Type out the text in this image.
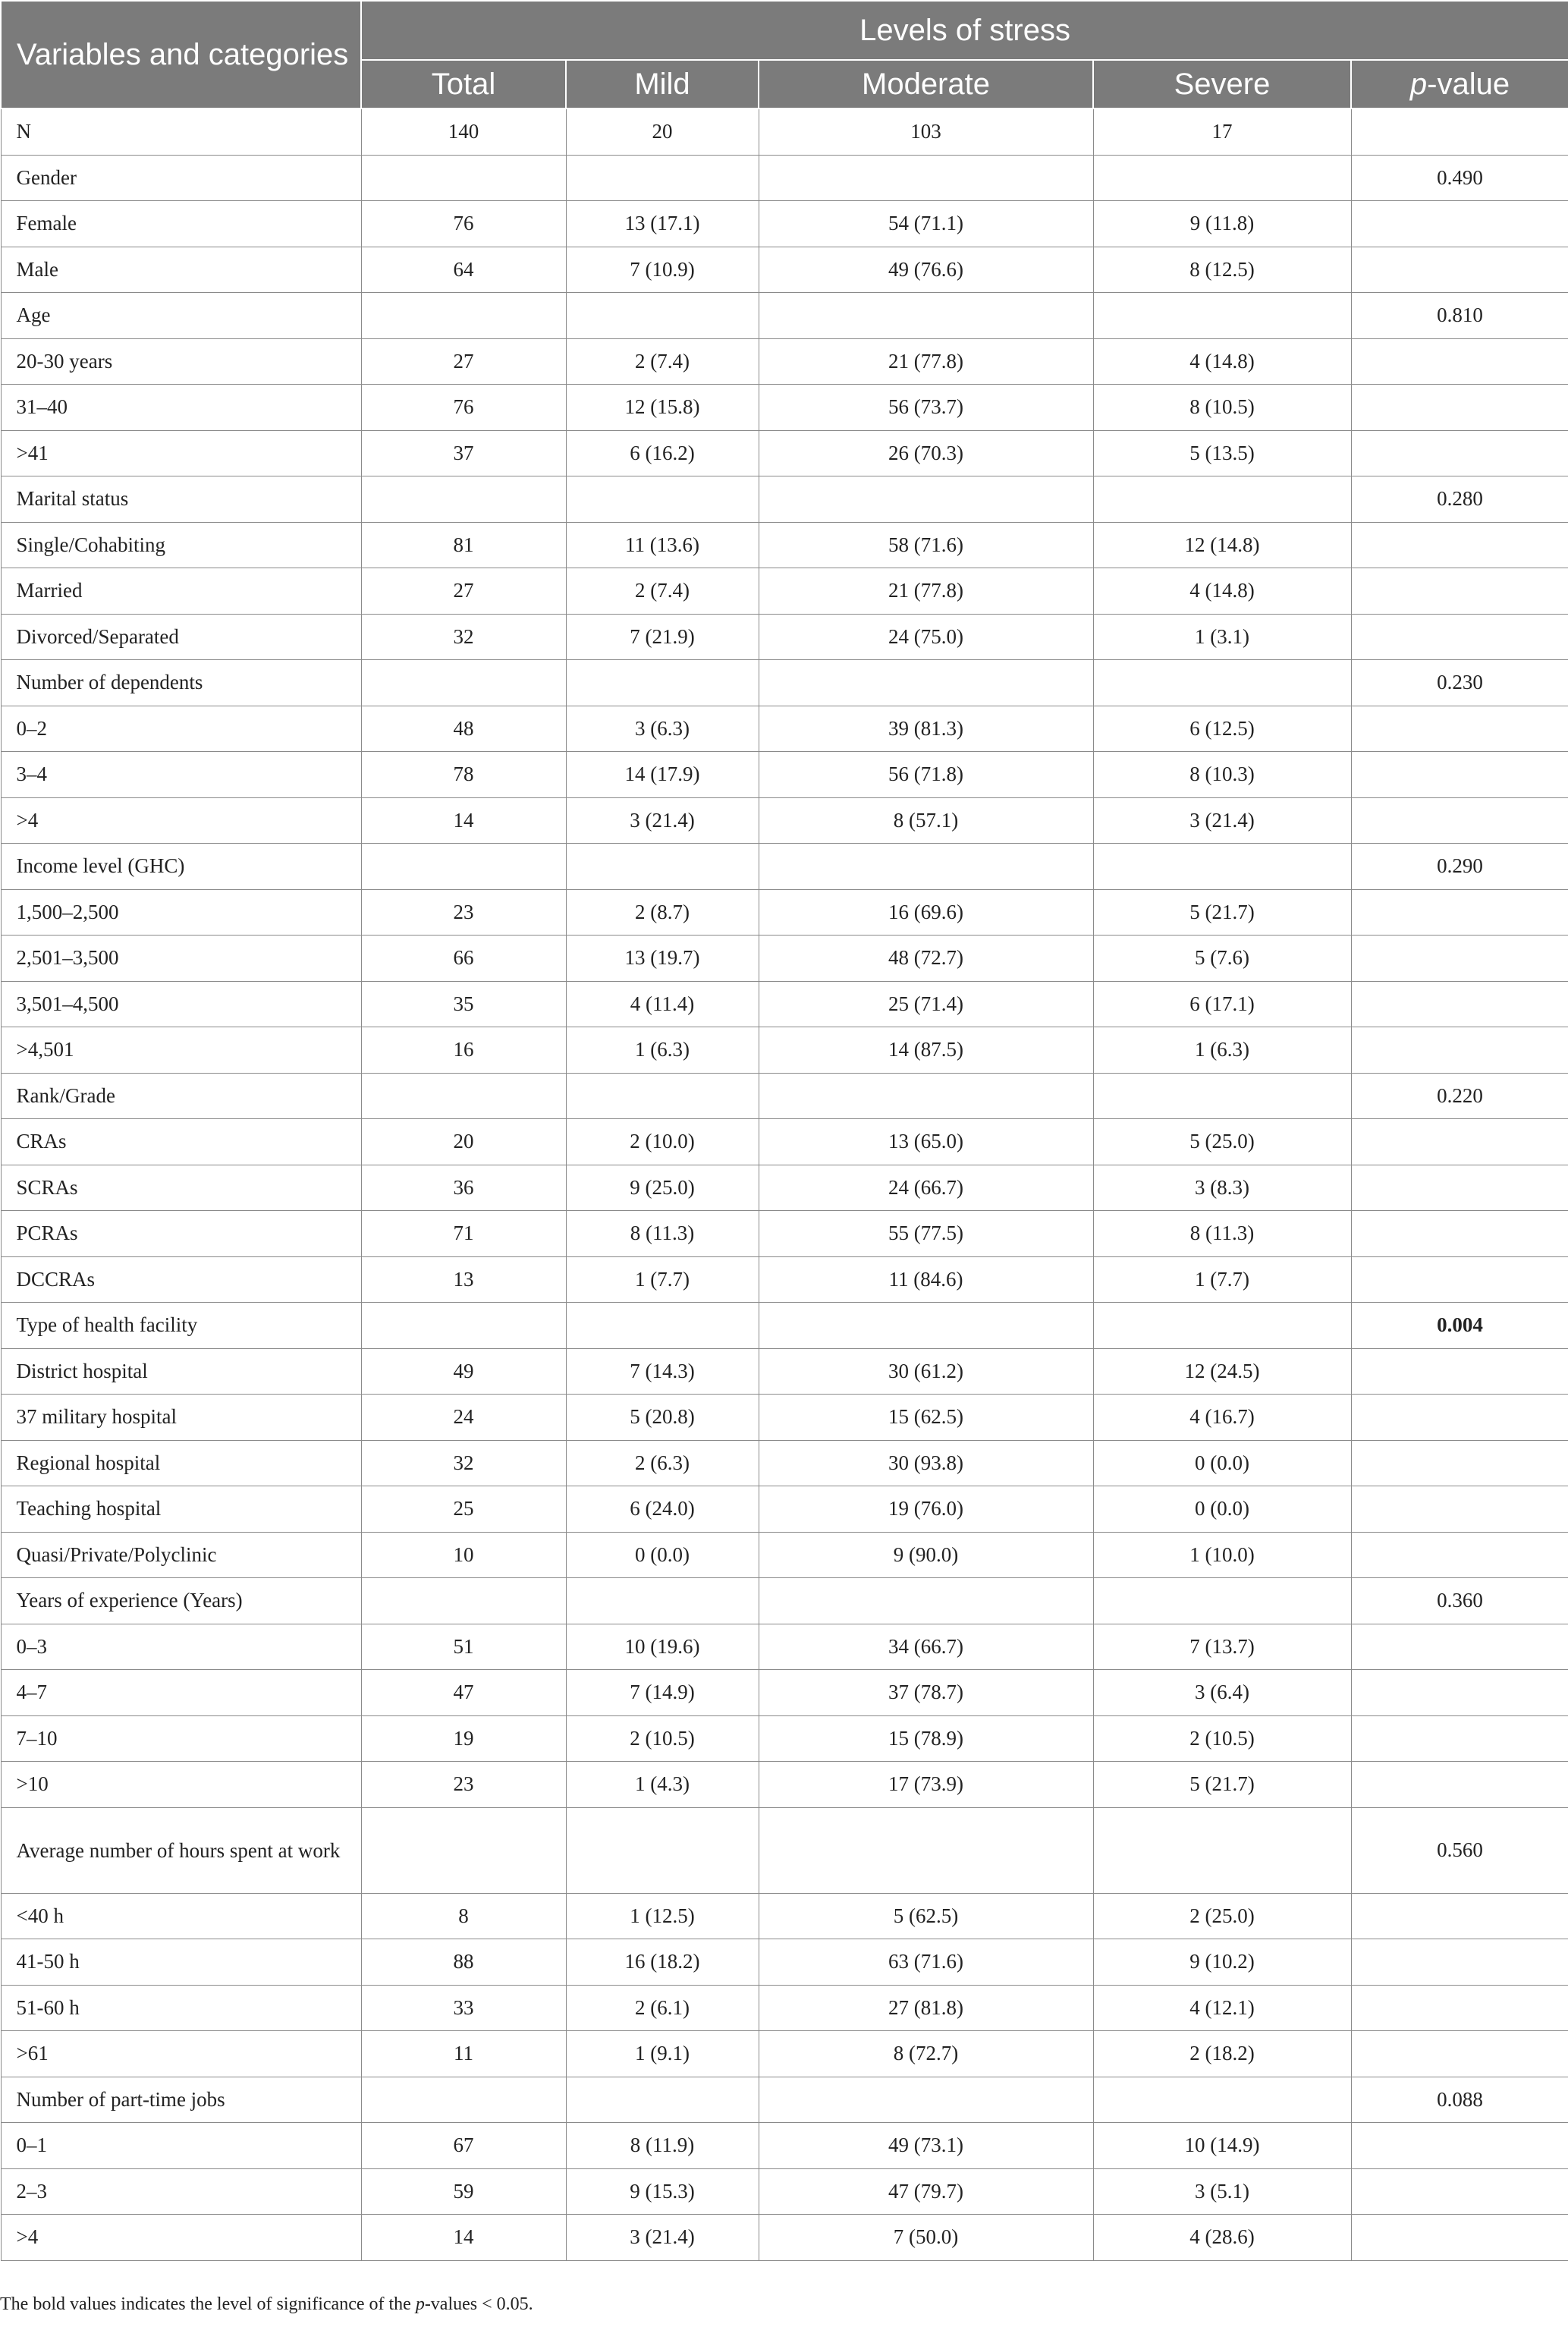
Variables and categories	Levels of stress				
	Total	Mild	Moderate	Severe	p-value
N	140	20	103	17	
Gender					0.490
Female	76	13 (17.1)	54 (71.1)	9 (11.8)	
Male	64	7 (10.9)	49 (76.6)	8 (12.5)	
Age					0.810
20-30 years	27	2 (7.4)	21 (77.8)	4 (14.8)	
31–40	76	12 (15.8)	56 (73.7)	8 (10.5)	
>41	37	6 (16.2)	26 (70.3)	5 (13.5)	
Marital status					0.280
Single/Cohabiting	81	11 (13.6)	58 (71.6)	12 (14.8)	
Married	27	2 (7.4)	21 (77.8)	4 (14.8)	
Divorced/Separated	32	7 (21.9)	24 (75.0)	1 (3.1)	
Number of dependents					0.230
0–2	48	3 (6.3)	39 (81.3)	6 (12.5)	
3–4	78	14 (17.9)	56 (71.8)	8 (10.3)	
>4	14	3 (21.4)	8 (57.1)	3 (21.4)	
Income level (GHC)					0.290
1,500–2,500	23	2 (8.7)	16 (69.6)	5 (21.7)	
2,501–3,500	66	13 (19.7)	48 (72.7)	5 (7.6)	
3,501–4,500	35	4 (11.4)	25 (71.4)	6 (17.1)	
>4,501	16	1 (6.3)	14 (87.5)	1 (6.3)	
Rank/Grade					0.220
CRAs	20	2 (10.0)	13 (65.0)	5 (25.0)	
SCRAs	36	9 (25.0)	24 (66.7)	3 (8.3)	
PCRAs	71	8 (11.3)	55 (77.5)	8 (11.3)	
DCCRAs	13	1 (7.7)	11 (84.6)	1 (7.7)	
Type of health facility					0.004
District hospital	49	7 (14.3)	30 (61.2)	12 (24.5)	
37 military hospital	24	5 (20.8)	15 (62.5)	4 (16.7)	
Regional hospital	32	2 (6.3)	30 (93.8)	0 (0.0)	
Teaching hospital	25	6 (24.0)	19 (76.0)	0 (0.0)	
Quasi/Private/Polyclinic	10	0 (0.0)	9 (90.0)	1 (10.0)	
Years of experience (Years)					0.360
0–3	51	10 (19.6)	34 (66.7)	7 (13.7)	
4–7	47	7 (14.9)	37 (78.7)	3 (6.4)	
7–10	19	2 (10.5)	15 (78.9)	2 (10.5)	
>10	23	1 (4.3)	17 (73.9)	5 (21.7)	
Average number of hours spent at work					0.560
<40 h	8	1 (12.5)	5 (62.5)	2 (25.0)	
41-50 h	88	16 (18.2)	63 (71.6)	9 (10.2)	
51-60 h	33	2 (6.1)	27 (81.8)	4 (12.1)	
>61	11	1 (9.1)	8 (72.7)	2 (18.2)	
Number of part-time jobs					0.088
0–1	67	8 (11.9)	49 (73.1)	10 (14.9)	
2–3	59	9 (15.3)	47 (79.7)	3 (5.1)	
>4	14	3 (21.4)	7 (50.0)	4 (28.6)	
The bold values indicates the level of significance of the p-values < 0.05.
